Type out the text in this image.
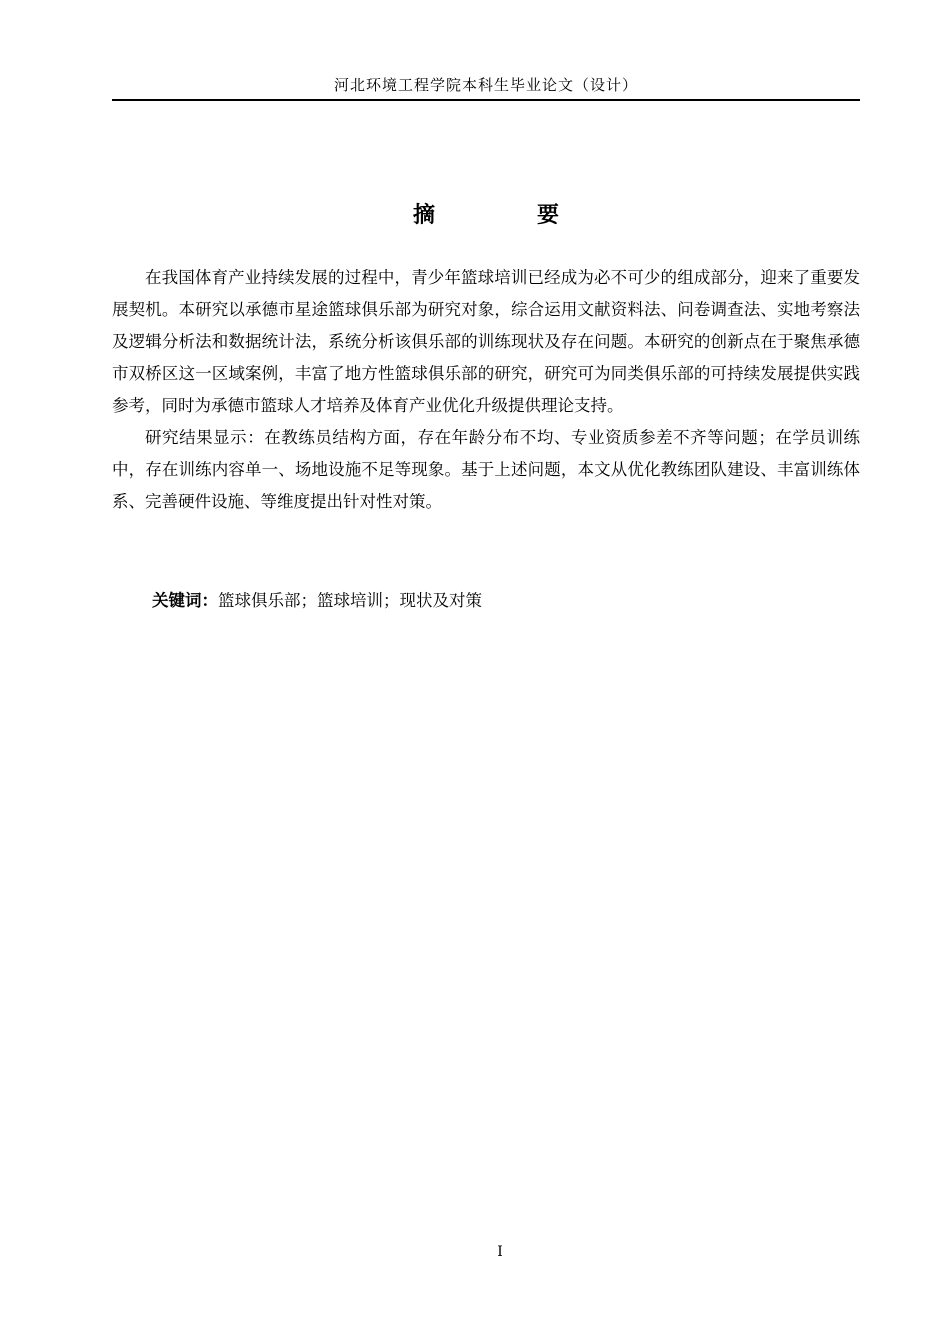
河北环境工程学院本科生毕业论文（设计）
摘　要

在我国体育产业持续发展的过程中，青少年篮球培训已经成为必不可少的组成部分，迎来了重要发展契机。本研究以承德市星途篮球俱乐部为研究对象，综合运用文献资料法、问卷调查法、实地考察法及逻辑分析法和数据统计法，系统分析该俱乐部的训练现状及存在问题。本研究的创新点在于聚焦承德市双桥区这一区域案例，丰富了地方性篮球俱乐部的研究，研究可为同类俱乐部的可持续发展提供实践参考，同时为承德市篮球人才培养及体育产业优化升级提供理论支持。

研究结果显示：在教练员结构方面，存在年龄分布不均、专业资质参差不齐等问题；在学员训练中，存在训练内容单一、场地设施不足等现象。基于上述问题，本文从优化教练团队建设、丰富训练体系、完善硬件设施、等维度提出针对性对策。

关键词：篮球俱乐部；篮球培训；现状及对策
I
